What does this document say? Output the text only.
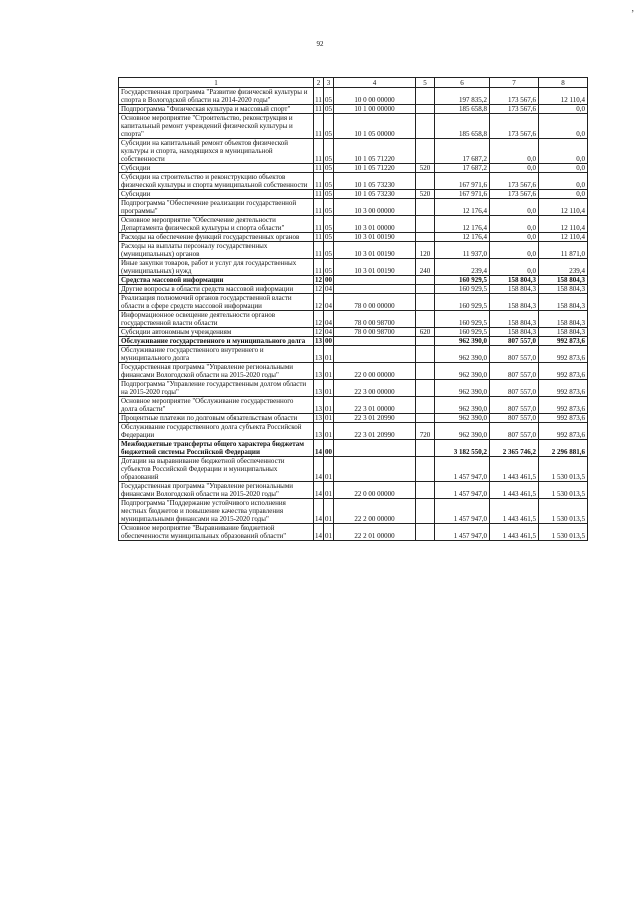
92
,
1	2	3	4	5	6	7	8
Государственная программа "Развитие физической культуры и спорта в Вологодской области на 2014-2020 годы"	11	05	10 0 00 00000		197 835,2	173 567,6	12 110,4
Подпрограмма "Физическая культура и массовый спорт"	11	05	10 1 00 00000		185 658,8	173 567,6	0,0
Основное мероприятие "Строительство, реконструкция и капитальный ремонт учреждений физической культуры и спорта"	11	05	10 1 05 00000		185 658,8	173 567,6	0,0
Субсидии на капитальный ремонт объектов физической культуры и спорта, находящихся в муниципальной собственности	11	05	10 1 05 71220		17 687,2	0,0	0,0
Субсидии	11	05	10 1 05 71220	520	17 687,2	0,0	0,0
Субсидии на строительство и реконструкцию объектов физической культуры и спорта муниципальной собственности	11	05	10 1 05 73230		167 971,6	173 567,6	0,0
Субсидии	11	05	10 1 05 73230	520	167 971,6	173 567,6	0,0
Подпрограмма "Обеспечение реализации государственной программы"	11	05	10 3 00 00000		12 176,4	0,0	12 110,4
Основное мероприятие "Обеспечение деятельности Департамента физической культуры и спорта области"	11	05	10 3 01 00000		12 176,4	0,0	12 110,4
Расходы на обеспечение функций государственных органов	11	05	10 3 01 00190		12 176,4	0,0	12 110,4
Расходы на выплаты персоналу государственных (муниципальных) органов	11	05	10 3 01 00190	120	11 937,0	0,0	11 871,0
Иные закупки товаров, работ и услуг для государственных (муниципальных) нужд	11	05	10 3 01 00190	240	239,4	0,0	239,4
Средства массовой информации	12	00			160 929,5	158 804,3	158 804,3
Другие вопросы в области средств массовой информации	12	04			160 929,5	158 804,3	158 804,3
Реализация полномочий органов государственной власти области в сфере средств массовой информации	12	04	78 0 00 00000		160 929,5	158 804,3	158 804,3
Информационное освещение деятельности органов государственной власти области	12	04	78 0 00 98700		160 929,5	158 804,3	158 804,3
Субсидии автономным учреждениям	12	04	78 0 00 98700	620	160 929,5	158 804,3	158 804,3
Обслуживание государственного и муниципального долга	13	00			962 390,0	807 557,0	992 873,6
Обслуживание государственного внутреннего и муниципального долга	13	01			962 390,0	807 557,0	992 873,6
Государственная программа "Управление региональными финансами Вологодской области на 2015-2020 годы"	13	01	22 0 00 00000		962 390,0	807 557,0	992 873,6
Подпрограмма "Управление государственным долгом области на 2015-2020 годы"	13	01	22 3 00 00000		962 390,0	807 557,0	992 873,6
Основное мероприятие "Обслуживание государственного долга области"	13	01	22 3 01 00000		962 390,0	807 557,0	992 873,6
Процентные платежи по долговым обязательствам области	13	01	22 3 01 20990		962 390,0	807 557,0	992 873,6
Обслуживание государственного долга субъекта Российской Федерации	13	01	22 3 01 20990	720	962 390,0	807 557,0	992 873,6
Межбюджетные трансферты общего характера бюджетам бюджетной системы Российской Федерации	14	00			3 182 550,2	2 365 746,2	2 296 881,6
Дотации на выравнивание бюджетной обеспеченности субъектов Российской Федерации и муниципальных образований	14	01			1 457 947,0	1 443 461,5	1 530 013,5
Государственная программа "Управление региональными финансами Вологодской области на 2015-2020 годы"	14	01	22 0 00 00000		1 457 947,0	1 443 461,5	1 530 013,5
Подпрограмма "Поддержание устойчивого исполнения местных бюджетов и повышение качества управления муниципальными финансами на 2015-2020 годы"	14	01	22 2 00 00000		1 457 947,0	1 443 461,5	1 530 013,5
Основное мероприятие "Выравнивание бюджетной обеспеченности муниципальных образований области"	14	01	22 2 01 00000		1 457 947,0	1 443 461,5	1 530 013,5
